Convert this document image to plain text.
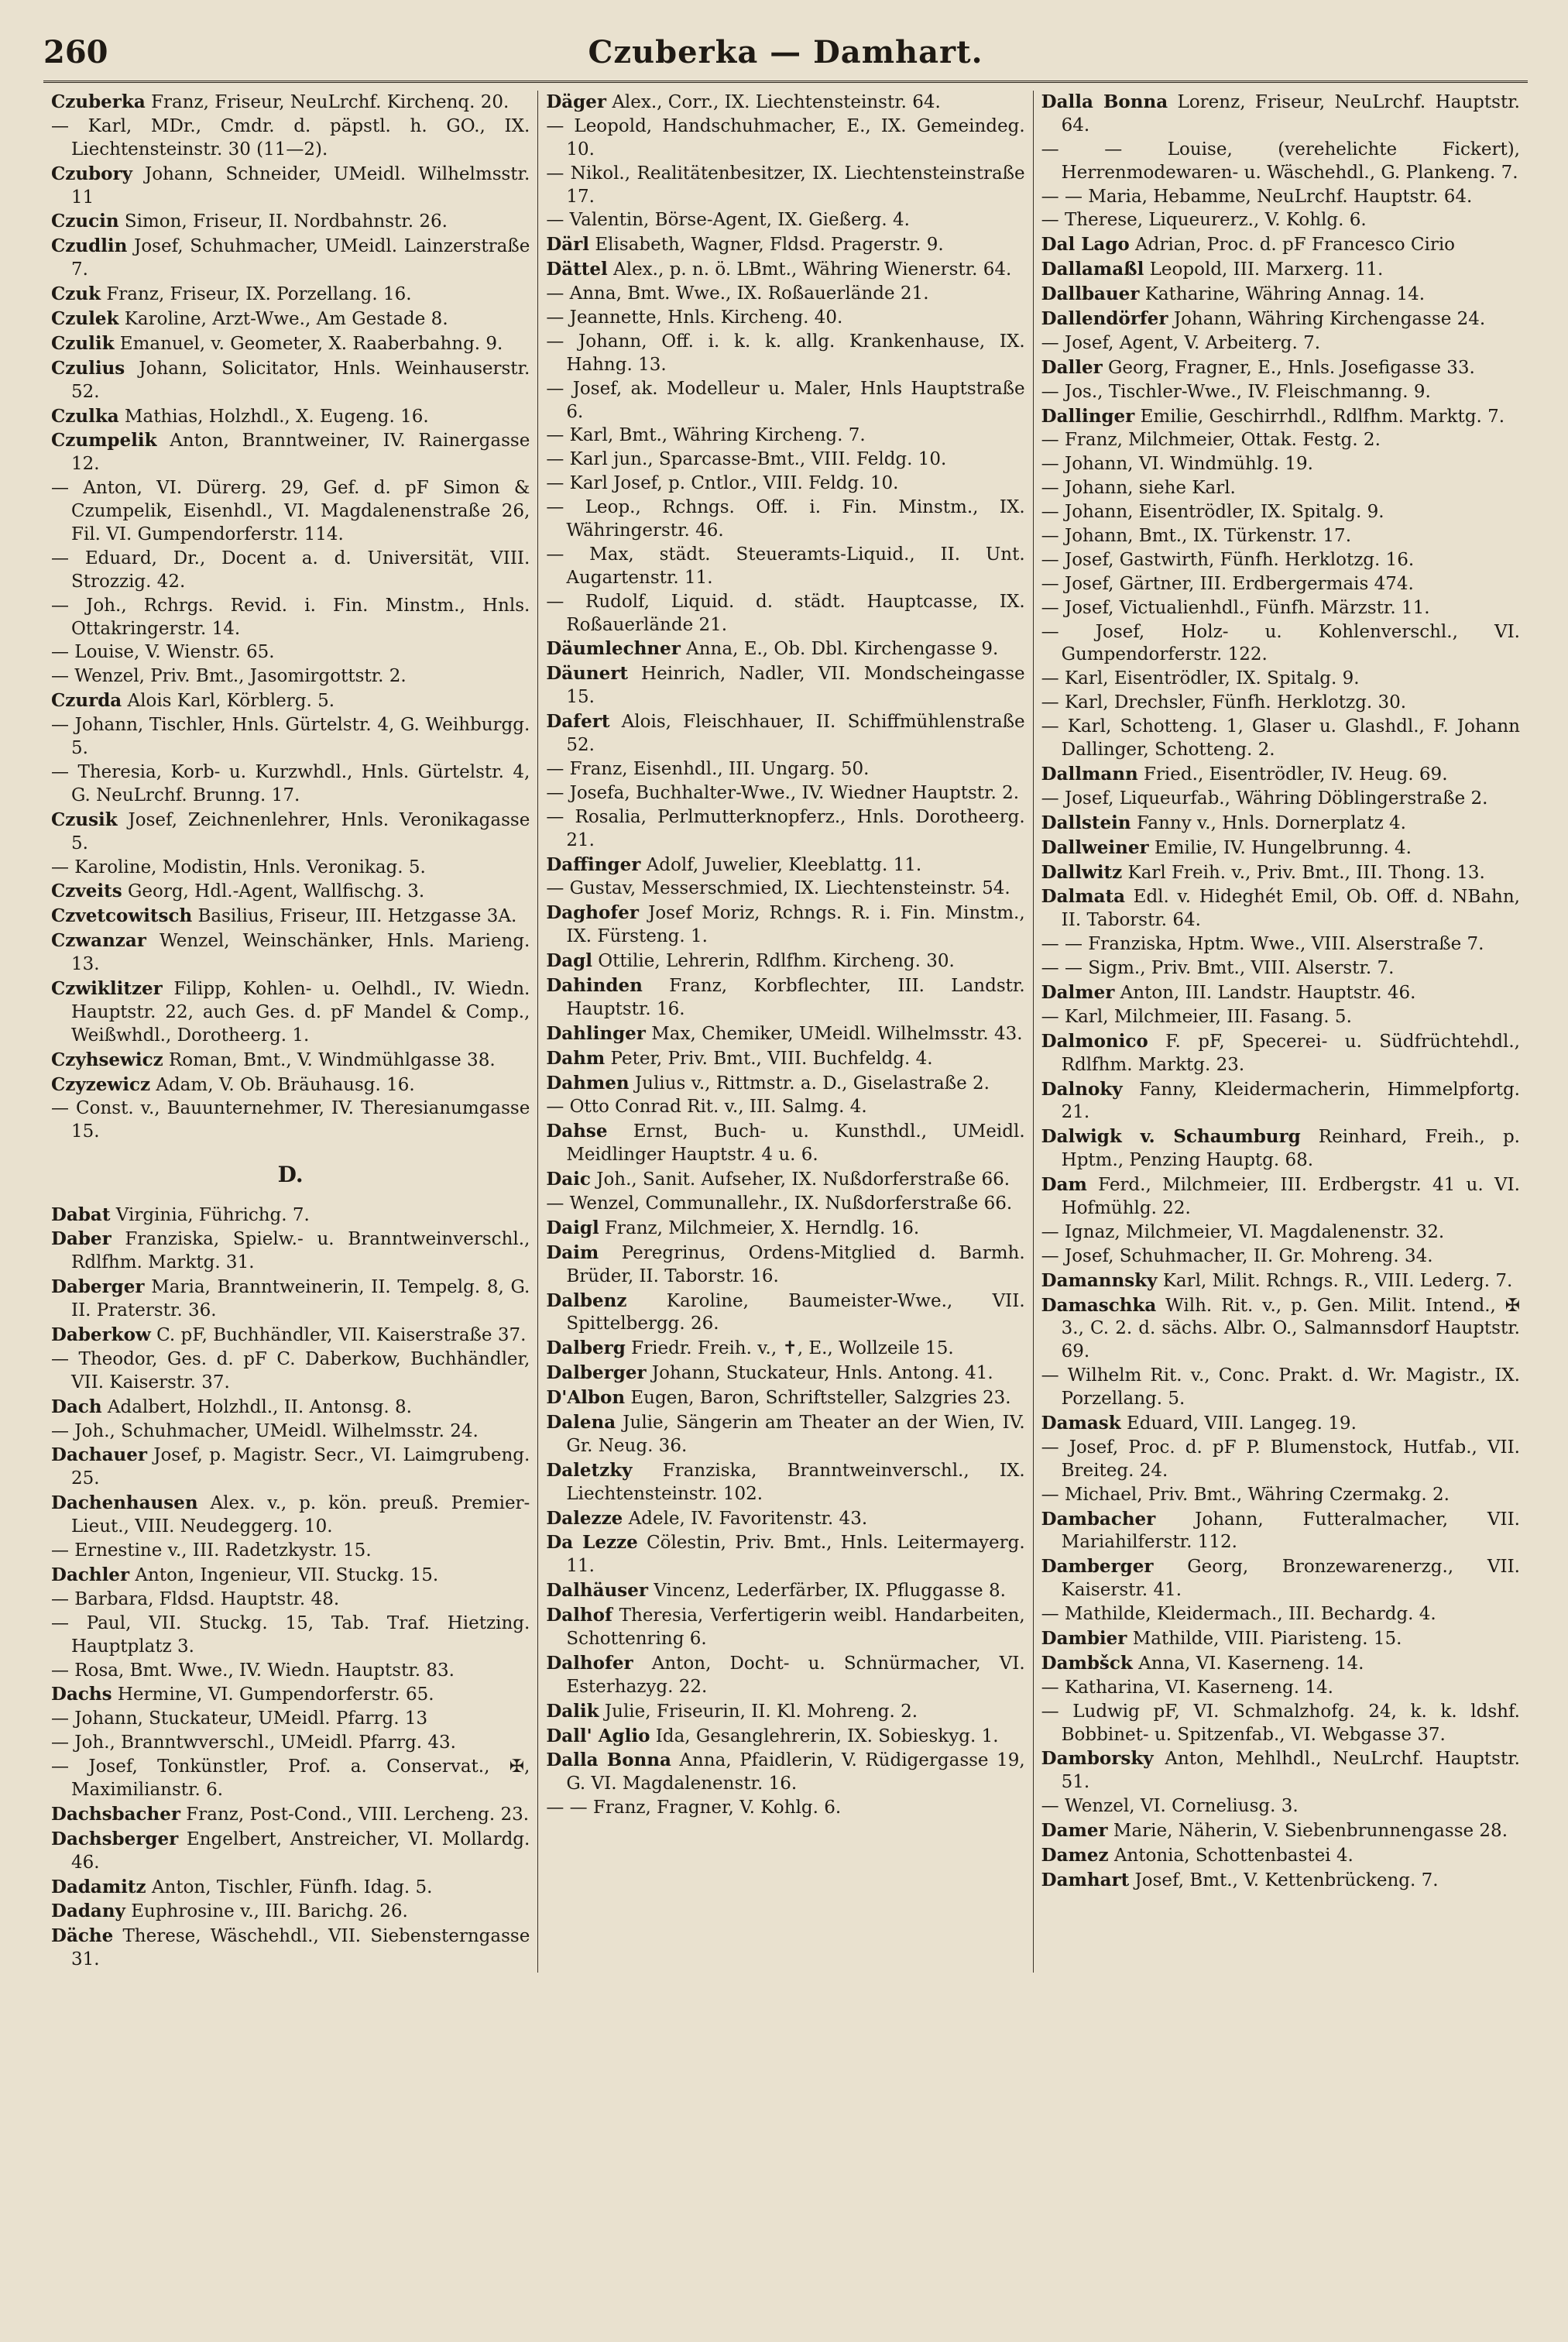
260	Czuberka — Damhart.
Czuberka Franz, Friseur, NeuLrchf. Kirchenq. 20.
— Karl, MDr., Cmdr. d. päpstl. h. GO., IX. Liechtensteinstr. 30 (11—2).
Czubory Johann, Schneider, UMeidl. Wilhelmsstr. 11
Czucin Simon, Friseur, II. Nordbahnstr. 26.
Czudlin Josef, Schuhmacher, UMeidl. Lainzerstraße 7.
Czuk Franz, Friseur, IX. Porzellang. 16.
Czulek Karoline, Arzt-Wwe., Am Gestade 8.
Czulik Emanuel, v. Geometer, X. Raaberbahng. 9.
Czulius Johann, Solicitator, Hnls. Weinhauserstr. 52.
Czulka Mathias, Holzhdl., X. Eugeng. 16.
Czumpelik Anton, Branntweiner, IV. Rainergasse 12.
— Anton, VI. Dürerg. 29, Gef. d. pF Simon & Czumpelik, Eisenhdl., VI. Magdalenenstraße 26, Fil. VI. Gumpendorferstr. 114.
— Eduard, Dr., Docent a. d. Universität, VIII. Strozzig. 42.
— Joh., Rchrgs. Revid. i. Fin. Minstm., Hnls. Ottakringerstr. 14.
— Louise, V. Wienstr. 65.
— Wenzel, Priv. Bmt., Jasomirgottstr. 2.
Czurda Alois Karl, Körblerg. 5.
— Johann, Tischler, Hnls. Gürtelstr. 4, G. Weihburgg. 5.
— Theresia, Korb- u. Kurzwhdl., Hnls. Gürtelstr. 4, G. NeuLrchf. Brunng. 17.
Czusik Josef, Zeichnenlehrer, Hnls. Veronikagasse 5.
— Karoline, Modistin, Hnls. Veronikag. 5.
Czveits Georg, Hdl.-Agent, Wallfischg. 3.
Czvetcowitsch Basilius, Friseur, III. Hetzgasse 3A.
Czwanzar Wenzel, Weinschänker, Hnls. Marieng. 13.
Czwiklitzer Filipp, Kohlen- u. Oelhdl., IV. Wiedn. Hauptstr. 22, auch Ges. d. pF Mandel & Comp., Weißwhdl., Dorotheerg. 1.
Czyhsewicz Roman, Bmt., V. Windmühlgasse 38.
Czyzewicz Adam, V. Ob. Bräuhausg. 16.
— Const. v., Bauunternehmer, IV. Theresianumgasse 15.
D.
Dabat Virginia, Führichg. 7.
Daber Franziska, Spielw.- u. Branntweinverschl., Rdlfhm. Marktg. 31.
Daberger Maria, Branntweinerin, II. Tempelg. 8, G. II. Praterstr. 36.
Daberkow C. pF, Buchhändler, VII. Kaiserstraße 37.
— Theodor, Ges. d. pF C. Daberkow, Buchhändler, VII. Kaiserstr. 37.
Dach Adalbert, Holzhdl., II. Antonsg. 8.
— Joh., Schuhmacher, UMeidl. Wilhelmsstr. 24.
Dachauer Josef, p. Magistr. Secr., VI. Laimgrubeng. 25.
Dachenhausen Alex. v., p. kön. preuß. Premier-Lieut., VIII. Neudeggerg. 10.
— Ernestine v., III. Radetzkystr. 15.
Dachler Anton, Ingenieur, VII. Stuckg. 15.
— Barbara, Fldsd. Hauptstr. 48.
— Paul, VII. Stuckg. 15, Tab. Traf. Hietzing. Hauptplatz 3.
— Rosa, Bmt. Wwe., IV. Wiedn. Hauptstr. 83.
Dachs Hermine, VI. Gumpendorferstr. 65.
— Johann, Stuckateur, UMeidl. Pfarrg. 13
— Joh., Branntwverschl., UMeidl. Pfarrg. 43.
— Josef, Tonkünstler, Prof. a. Conservat., ✠, Maximilianstr. 6.
Dachsbacher Franz, Post-Cond., VIII. Lercheng. 23.
Dachsberger Engelbert, Anstreicher, VI. Mollardg. 46.
Dadamitz Anton, Tischler, Fünfh. Idag. 5.
Dadany Euphrosine v., III. Barichg. 26.
Däche Therese, Wäschehdl., VII. Siebensterngasse 31.
Däger Alex., Corr., IX. Liechtensteinstr. 64.
— Leopold, Handschuhmacher, E., IX. Gemeindeg. 10.
— Nikol., Realitätenbesitzer, IX. Liechtensteinstraße 17.
— Valentin, Börse-Agent, IX. Gießerg. 4.
Därl Elisabeth, Wagner, Fldsd. Pragerstr. 9.
Dättel Alex., p. n. ö. LBmt., Währing Wienerstr. 64.
— Anna, Bmt. Wwe., IX. Roßauerlände 21.
— Jeannette, Hnls. Kircheng. 40.
— Johann, Off. i. k. k. allg. Krankenhause, IX. Hahng. 13.
— Josef, ak. Modelleur u. Maler, Hnls Hauptstraße 6.
— Karl, Bmt., Währing Kircheng. 7.
— Karl jun., Sparcasse-Bmt., VIII. Feldg. 10.
— Karl Josef, p. Cntlor., VIII. Feldg. 10.
— Leop., Rchngs. Off. i. Fin. Minstm., IX. Währingerstr. 46.
— Max, städt. Steueramts-Liquid., II. Unt. Augartenstr. 11.
— Rudolf, Liquid. d. städt. Hauptcasse, IX. Roßauerlände 21.
Däumlechner Anna, E., Ob. Dbl. Kirchengasse 9.
Däunert Heinrich, Nadler, VII. Mondscheingasse 15.
Dafert Alois, Fleischhauer, II. Schiffmühlenstraße 52.
— Franz, Eisenhdl., III. Ungarg. 50.
— Josefa, Buchhalter-Wwe., IV. Wiedner Hauptstr. 2.
— Rosalia, Perlmutterknopferz., Hnls. Dorotheerg. 21.
Daffinger Adolf, Juwelier, Kleeblattg. 11.
— Gustav, Messerschmied, IX. Liechtensteinstr. 54.
Daghofer Josef Moriz, Rchngs. R. i. Fin. Minstm., IX. Fürsteng. 1.
Dagl Ottilie, Lehrerin, Rdlfhm. Kircheng. 30.
Dahinden Franz, Korbflechter, III. Landstr. Hauptstr. 16.
Dahlinger Max, Chemiker, UMeidl. Wilhelmsstr. 43.
Dahm Peter, Priv. Bmt., VIII. Buchfeldg. 4.
Dahmen Julius v., Rittmstr. a. D., Giselastraße 2.
— Otto Conrad Rit. v., III. Salmg. 4.
Dahse Ernst, Buch- u. Kunsthdl., UMeidl. Meidlinger Hauptstr. 4 u. 6.
Daic Joh., Sanit. Aufseher, IX. Nußdorferstraße 66.
— Wenzel, Communallehr., IX. Nußdorferstraße 66.
Daigl Franz, Milchmeier, X. Herndlg. 16.
Daim Peregrinus, Ordens-Mitglied d. Barmh. Brüder, II. Taborstr. 16.
Dalbenz Karoline, Baumeister-Wwe., VII. Spittelbergg. 26.
Dalberg Friedr. Freih. v., ✝, E., Wollzeile 15.
Dalberger Johann, Stuckateur, Hnls. Antong. 41.
D'Albon Eugen, Baron, Schriftsteller, Salzgries 23.
Dalena Julie, Sängerin am Theater an der Wien, IV. Gr. Neug. 36.
Daletzky Franziska, Branntweinverschl., IX. Liechtensteinstr. 102.
Dalezze Adele, IV. Favoritenstr. 43.
Da Lezze Cölestin, Priv. Bmt., Hnls. Leitermayerg. 11.
Dalhäuser Vincenz, Lederfärber, IX. Pfluggasse 8.
Dalhof Theresia, Verfertigerin weibl. Handarbeiten, Schottenring 6.
Dalhofer Anton, Docht- u. Schnürmacher, VI. Esterhazyg. 22.
Dalik Julie, Friseurin, II. Kl. Mohreng. 2.
Dall' Aglio Ida, Gesanglehrerin, IX. Sobieskyg. 1.
Dalla Bonna Anna, Pfaidlerin, V. Rüdigergasse 19, G. VI. Magdalenenstr. 16.
— — Franz, Fragner, V. Kohlg. 6.
Dalla Bonna Lorenz, Friseur, NeuLrchf. Hauptstr. 64.
— — Louise, (verehelichte Fickert), Herrenmodewaren- u. Wäschehdl., G. Plankeng. 7.
— — Maria, Hebamme, NeuLrchf. Hauptstr. 64.
— Therese, Liqueurerz., V. Kohlg. 6.
Dal Lago Adrian, Proc. d. pF Francesco Cirio
Dallamaßl Leopold, III. Marxerg. 11.
Dallbauer Katharine, Währing Annag. 14.
Dallendörfer Johann, Währing Kirchengasse 24.
— Josef, Agent, V. Arbeiterg. 7.
Daller Georg, Fragner, E., Hnls. Josefigasse 33.
— Jos., Tischler-Wwe., IV. Fleischmanng. 9.
Dallinger Emilie, Geschirrhdl., Rdlfhm. Marktg. 7.
— Franz, Milchmeier, Ottak. Festg. 2.
— Johann, VI. Windmühlg. 19.
— Johann, siehe Karl.
— Johann, Eisentrödler, IX. Spitalg. 9.
— Johann, Bmt., IX. Türkenstr. 17.
— Josef, Gastwirth, Fünfh. Herklotzg. 16.
— Josef, Gärtner, III. Erdbergermais 474.
— Josef, Victualienhdl., Fünfh. Märzstr. 11.
— Josef, Holz- u. Kohlenverschl., VI. Gumpendorferstr. 122.
— Karl, Eisentrödler, IX. Spitalg. 9.
— Karl, Drechsler, Fünfh. Herklotzg. 30.
— Karl, Schotteng. 1, Glaser u. Glashdl., F. Johann Dallinger, Schotteng. 2.
Dallmann Fried., Eisentrödler, IV. Heug. 69.
— Josef, Liqueurfab., Währing Döblingerstraße 2.
Dallstein Fanny v., Hnls. Dornerplatz 4.
Dallweiner Emilie, IV. Hungelbrunng. 4.
Dallwitz Karl Freih. v., Priv. Bmt., III. Thong. 13.
Dalmata Edl. v. Hideghét Emil, Ob. Off. d. NBahn, II. Taborstr. 64.
— — Franziska, Hptm. Wwe., VIII. Alserstraße 7.
— — Sigm., Priv. Bmt., VIII. Alserstr. 7.
Dalmer Anton, III. Landstr. Hauptstr. 46.
— Karl, Milchmeier, III. Fasang. 5.
Dalmonico F. pF, Specerei- u. Südfrüchtehdl., Rdlfhm. Marktg. 23.
Dalnoky Fanny, Kleidermacherin, Himmelpfortg. 21.
Dalwigk v. Schaumburg Reinhard, Freih., p. Hptm., Penzing Hauptg. 68.
Dam Ferd., Milchmeier, III. Erdbergstr. 41 u. VI. Hofmühlg. 22.
— Ignaz, Milchmeier, VI. Magdalenenstr. 32.
— Josef, Schuhmacher, II. Gr. Mohreng. 34.
Damannsky Karl, Milit. Rchngs. R., VIII. Lederg. 7.
Damaschka Wilh. Rit. v., p. Gen. Milit. Intend., ✠ 3., C. 2. d. sächs. Albr. O., Salmannsdorf Hauptstr. 69.
— Wilhelm Rit. v., Conc. Prakt. d. Wr. Magistr., IX. Porzellang. 5.
Damask Eduard, VIII. Langeg. 19.
— Josef, Proc. d. pF P. Blumenstock, Hutfab., VII. Breiteg. 24.
— Michael, Priv. Bmt., Währing Czermakg. 2.
Dambacher Johann, Futteralmacher, VII. Mariahilferstr. 112.
Damberger Georg, Bronzewarenerzg., VII. Kaiserstr. 41.
— Mathilde, Kleidermach., III. Bechardg. 4.
Dambier Mathilde, VIII. Piaristeng. 15.
Dambšck Anna, VI. Kaserneng. 14.
— Katharina, VI. Kaserneng. 14.
— Ludwig pF, VI. Schmalzhofg. 24, k. k. ldshf. Bobbinet- u. Spitzenfab., VI. Webgasse 37.
Damborsky Anton, Mehlhdl., NeuLrchf. Hauptstr. 51.
— Wenzel, VI. Corneliusg. 3.
Damer Marie, Näherin, V. Siebenbrunnengasse 28.
Damez Antonia, Schottenbastei 4.
Damhart Josef, Bmt., V. Kettenbrückeng. 7.
